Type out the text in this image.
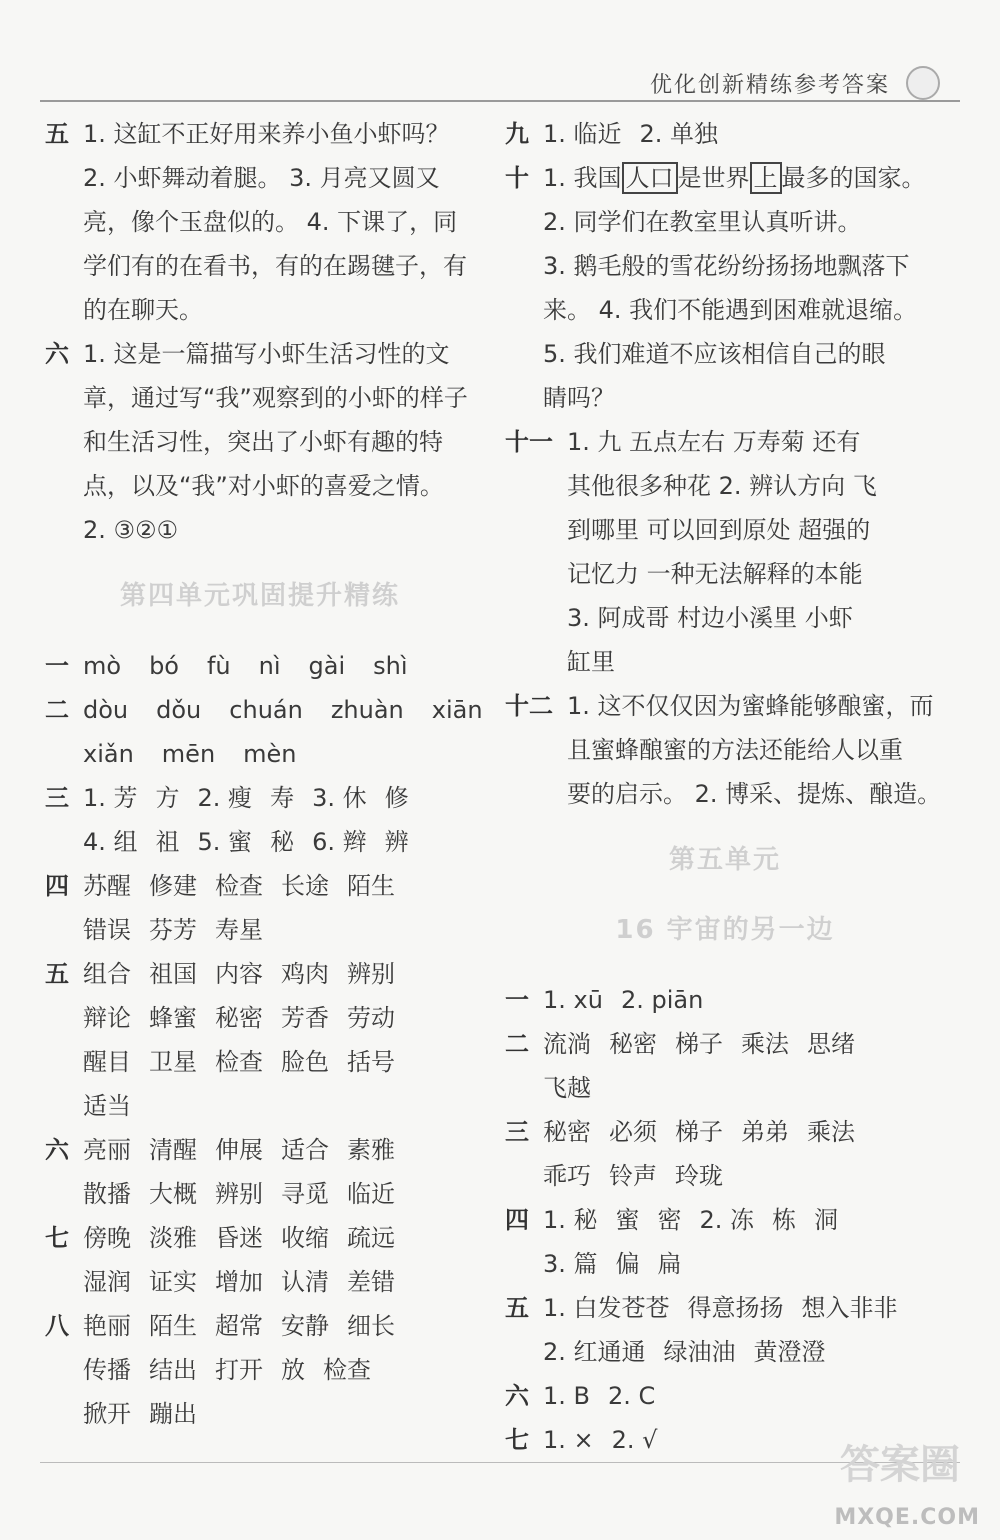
优化创新精练参考答案
五 1. 这缸不正好用来养小鱼小虾吗？
2. 小虾舞动着腿。 3. 月亮又圆又
亮，像个玉盘似的。 4. 下课了，同
学们有的在看书，有的在踢毽子，有
的在聊天。
六 1. 这是一篇描写小虾生活习性的文
章，通过写“我”观察到的小虾的样子
和生活习性，突出了小虾有趣的特
点，以及“我”对小虾的喜爱之情。
2. ③②①
第四单元巩固提升精练
一 mò bó fù nì gài shì
二 dòu dǒu chuán zhuàn xiān
xiǎn mēn mèn
三 1. 芳 方 2. 瘦 寿 3. 休 修
4. 组 祖 5. 蜜 秘 6. 辫 辨
四 苏醒 修建 检查 长途 陌生
错误 芬芳 寿星
五 组合 祖国 内容 鸡肉 辨别
辩论 蜂蜜 秘密 芳香 劳动
醒目 卫星 检查 脸色 括号
适当
六 亮丽 清醒 伸展 适合 素雅
散播 大概 辨别 寻觅 临近
七 傍晚 淡雅 昏迷 收缩 疏远
湿润 证实 增加 认清 差错
八 艳丽 陌生 超常 安静 细长
传播 结出 打开 放 检查
掀开 蹦出
九 1. 临近 2. 单独
十 1. 我国 人口 是世界 上 最多的国家。
2. 同学们在教室里认真听讲。
3. 鹅毛般的雪花纷纷扬扬地飘落下
来。 4. 我们不能遇到困难就退缩。
5. 我们难道不应该相信自己的眼
睛吗？
十一 1. 九 五点左右 万寿菊 还有
其他很多种花 2. 辨认方向 飞
到哪里 可以回到原处 超强的
记忆力 一种无法解释的本能
3. 阿成哥 村边小溪里 小虾
缸里
十二 1. 这不仅仅因为蜜蜂能够酿蜜，而
且蜜蜂酿蜜的方法还能给人以重
要的启示。 2. 博采、提炼、酿造。
第五单元
16 宇宙的另一边
一 1. xū 2. piān
二 流淌 秘密 梯子 乘法 思绪
飞越
三 秘密 必须 梯子 弟弟 乘法
乖巧 铃声 玲珑
四 1. 秘 蜜 密 2. 冻 栋 洞
3. 篇 偏 扁
五 1. 白发苍苍 得意扬扬 想入非非
2. 红通通 绿油油 黄澄澄
六 1. B 2. C
七 1. × 2. √
答案圈
MXQE.COM
